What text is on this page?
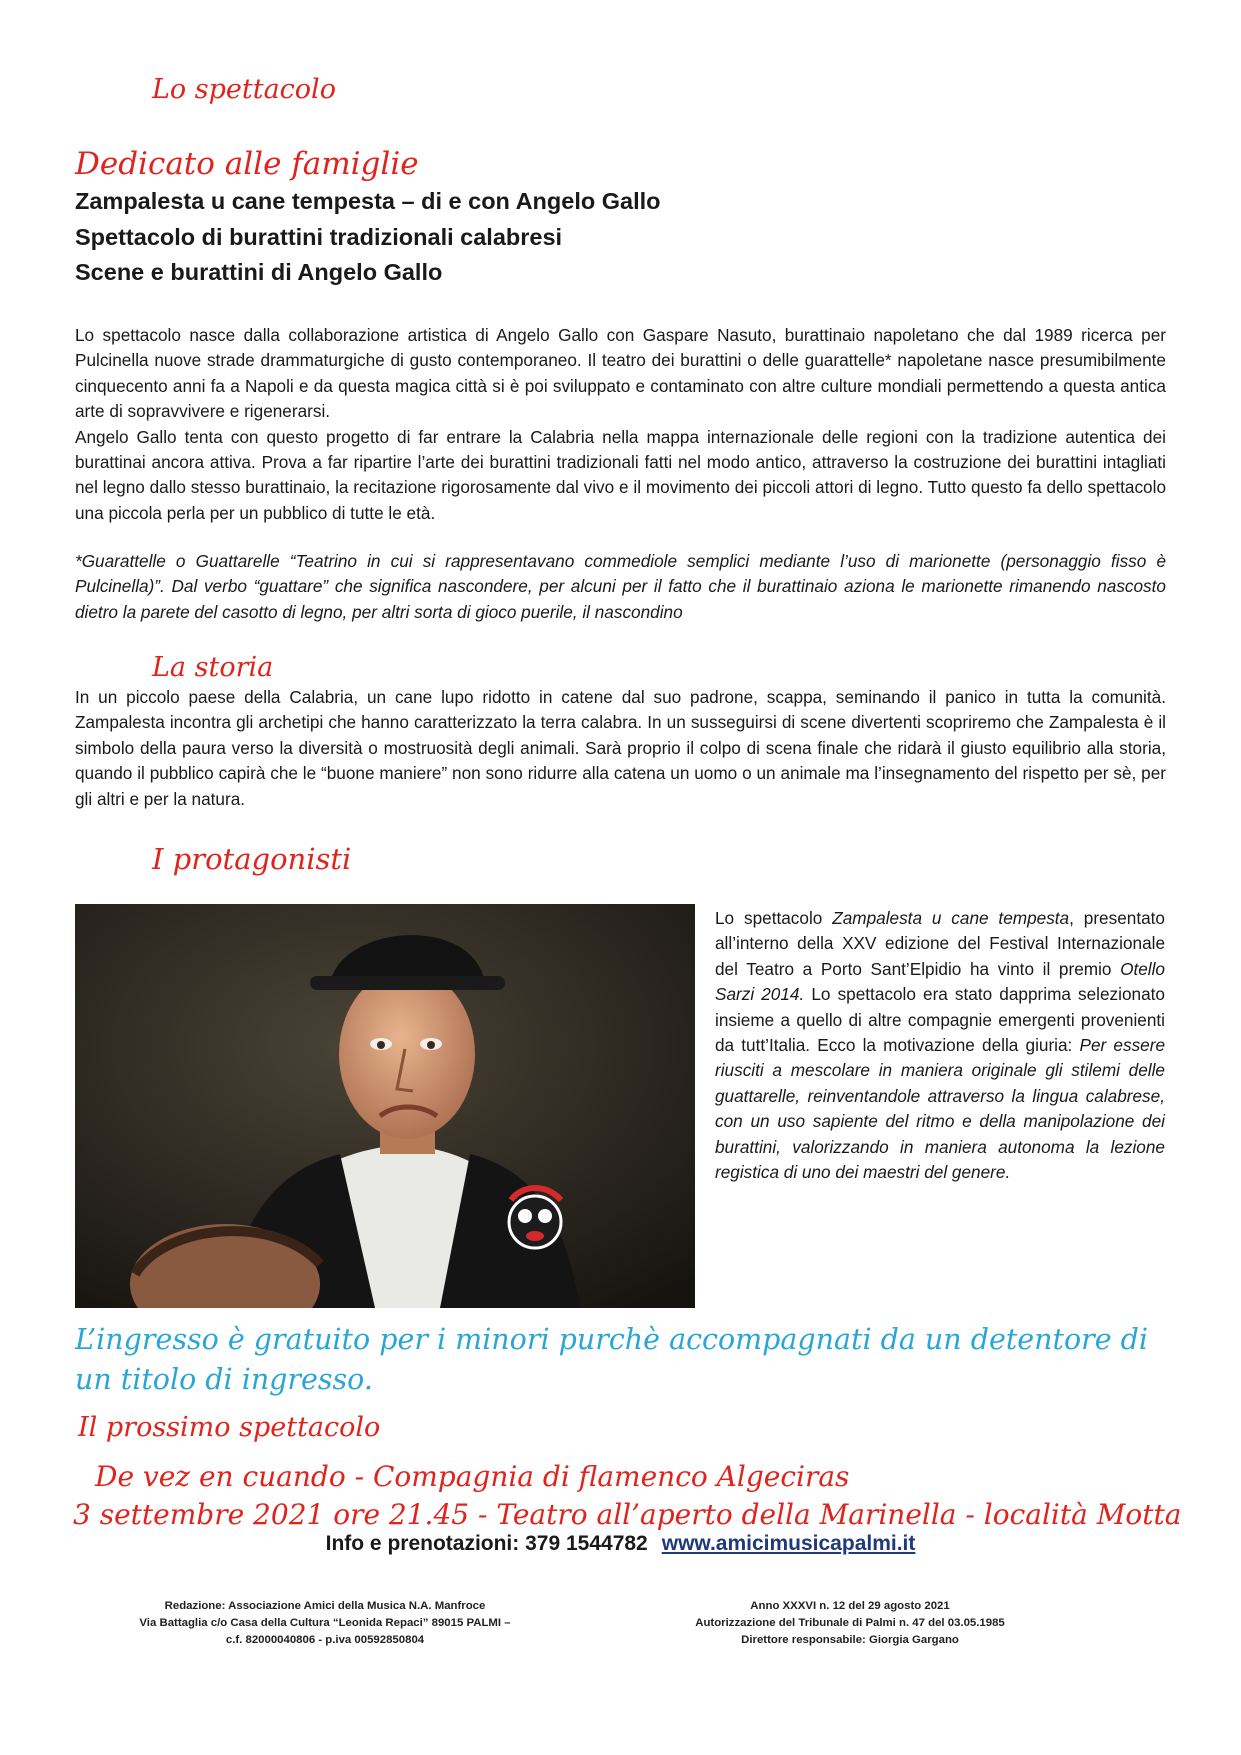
Lo spettacolo
Dedicato alle famiglie
Zampalesta u cane tempesta – di e con Angelo Gallo
Spettacolo di burattini tradizionali calabresi
Scene e burattini di Angelo Gallo

Lo spettacolo nasce dalla collaborazione artistica di Angelo Gallo con Gaspare Nasuto, burattinaio napoletano che dal 1989 ricerca per Pulcinella nuove strade drammaturgiche di gusto contemporaneo. Il teatro dei burattini o delle guarattelle* napoletane nasce presumibilmente cinquecento anni fa a Napoli e da questa magica città si è poi sviluppato e contaminato con altre culture mondiali permettendo a questa antica arte di sopravvivere e rigenerarsi.

Angelo Gallo tenta con questo progetto di far entrare la Calabria nella mappa internazionale delle regioni con la tradizione autentica dei burattinai ancora attiva. Prova a far ripartire l’arte dei burattini tradizionali fatti nel modo antico, attraverso la costruzione dei burattini intagliati nel legno dallo stesso burattinaio, la recitazione rigorosamente dal vivo e il movimento dei piccoli attori di legno. Tutto questo fa dello spettacolo una piccola perla per un pubblico di tutte le età.

*Guarattelle o Guattarelle “Teatrino in cui si rappresentavano commediole semplici mediante l’uso di marionette (personaggio fisso è Pulcinella)”. Dal verbo “guattare” che significa nascondere, per alcuni per il fatto che il burattinaio aziona le marionette rimanendo nascosto dietro la parete del casotto di legno, per altri sorta di gioco puerile, il nascondino
La storia
In un piccolo paese della Calabria, un cane lupo ridotto in catene dal suo padrone, scappa, seminando il panico in tutta la comunità. Zampalesta incontra gli archetipi che hanno caratterizzato la terra calabra. In un susseguirsi di scene divertenti scopriremo che Zampalesta è il simbolo della paura verso la diversità o mostruosità degli animali. Sarà proprio il colpo di scena finale che ridarà il giusto equilibrio alla storia, quando il pubblico capirà che le “buone maniere” non sono ridurre alla catena un uomo o un animale ma l’insegnamento del rispetto per sè, per gli altri e per la natura.
I protagonisti
Lo spettacolo Zampalesta u cane tempesta, presentato all’interno della XXV edizione del Festival Internazionale del Teatro a Porto Sant’Elpidio ha vinto il premio Otello Sarzi 2014. Lo spettacolo era stato dapprima selezionato insieme a quello di altre compagnie emergenti provenienti da tutt’Italia. Ecco la motivazione della giuria: Per essere riusciti a mescolare in maniera originale gli stilemi delle guattarelle, reinventandole attraverso la lingua calabrese, con un uso sapiente del ritmo e della manipolazione dei burattini, valorizzando in maniera autonoma la lezione registica di uno dei maestri del genere.
L’ingresso è gratuito per i minori purchè accompagnati da un detentore di un titolo di ingresso.
Il prossimo spettacolo
De vez en cuando - Compagnia di flamenco Algeciras
3 settembre 2021 ore 21.45 - Teatro all’aperto della Marinella - località Motta
Info e prenotazioni: 379 1544782 www.amicimusicapalmi.it
Redazione: Associazione Amici della Musica N.A. Manfroce
Via Battaglia c/o Casa della Cultura “Leonida Repaci” 89015 PALMI –
c.f. 82000040806 - p.iva 00592850804
Anno XXXVI n. 12 del 29 agosto 2021
Autorizzazione del Tribunale di Palmi n. 47 del 03.05.1985
Direttore responsabile: Giorgia Gargano
